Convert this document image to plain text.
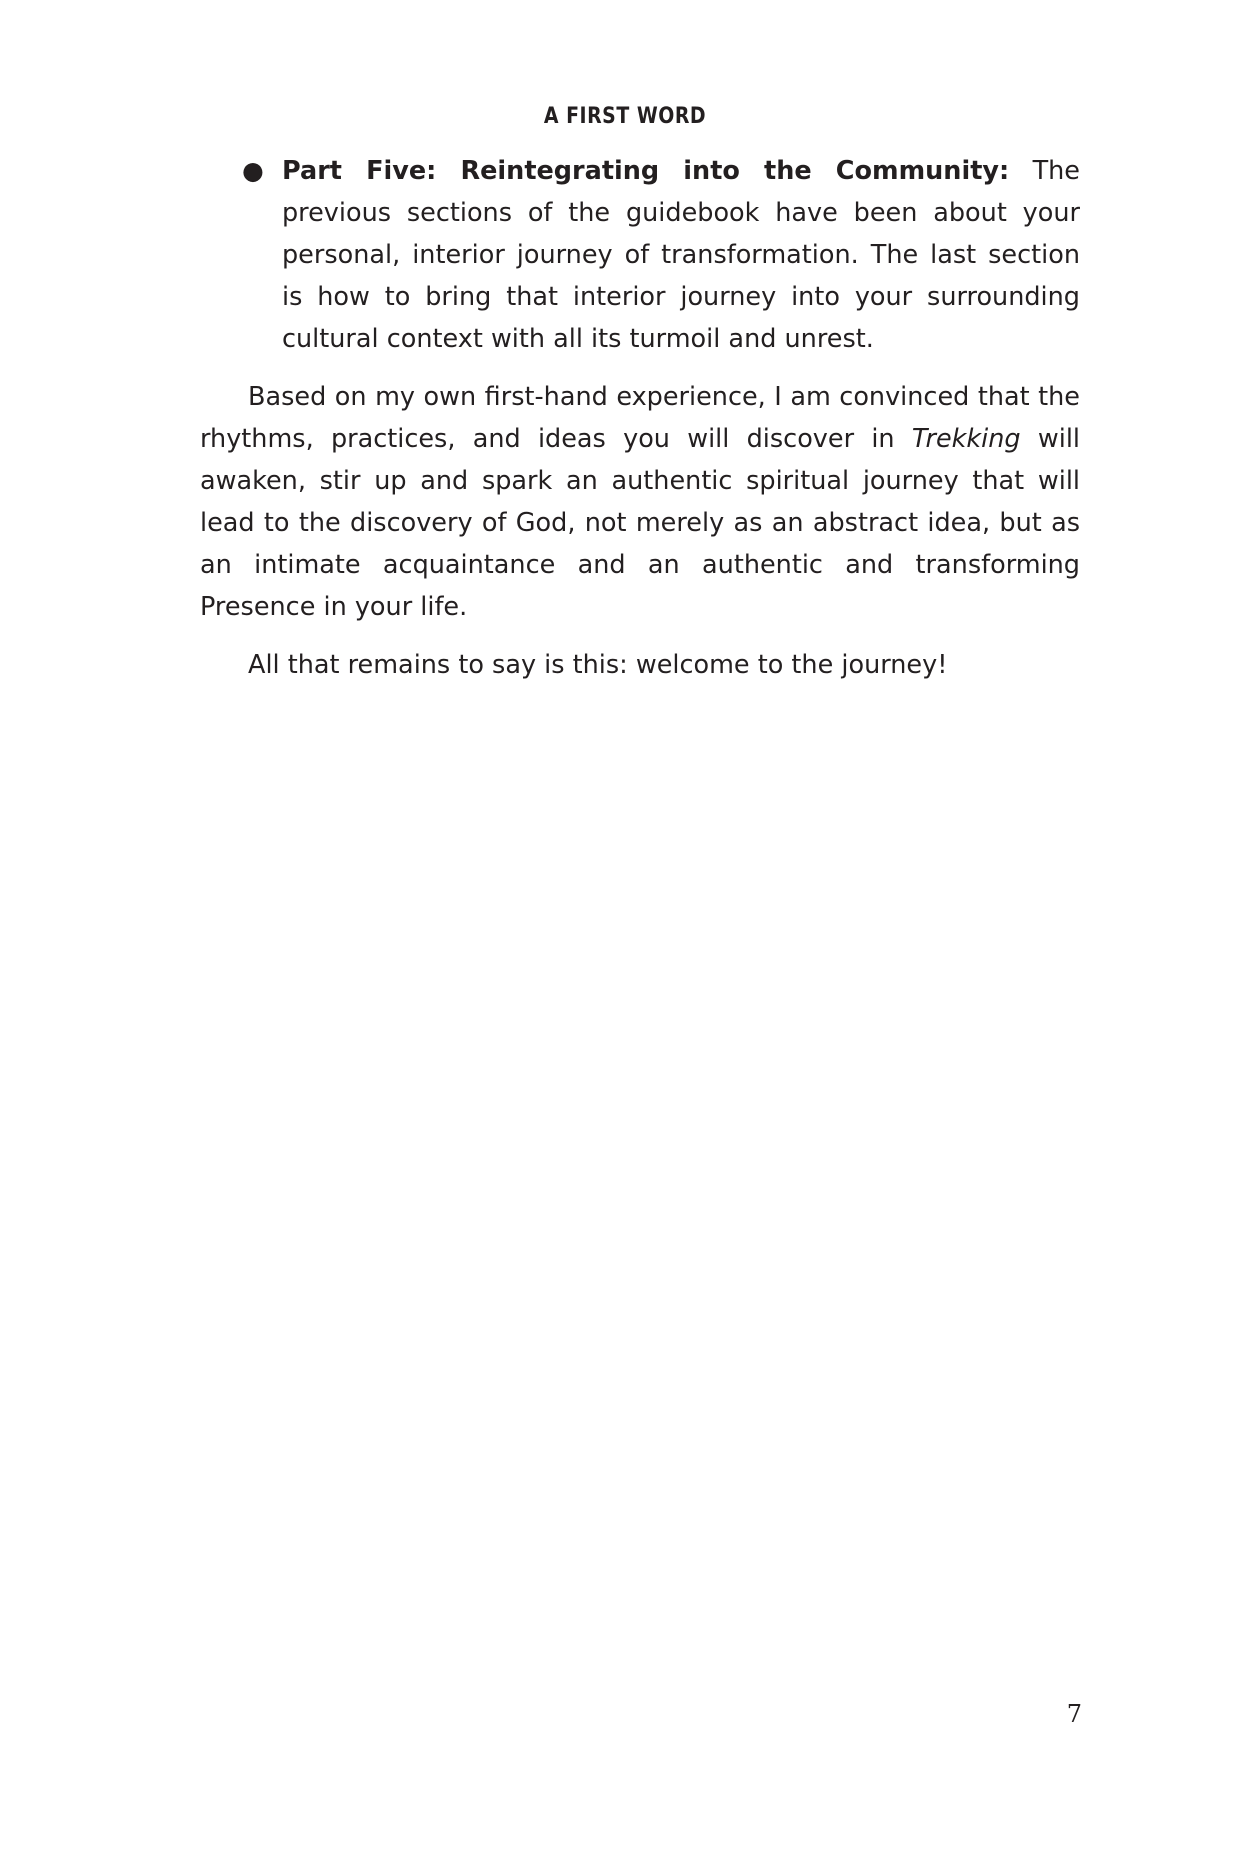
A FIRST WORD
● Part Five: Reintegrating into the Community: The previous sections of the guidebook have been about your personal, interior journey of transformation. The last section is how to bring that interior journey into your surrounding cultural context with all its turmoil and unrest.

Based on my own first-hand experience, I am convinced that the rhythms, practices, and ideas you will discover in Trekking will awaken, stir up and spark an authentic spiritual journey that will lead to the discovery of God, not merely as an abstract idea, but as an intimate acquaintance and an authentic and transforming Presence in your life.

All that remains to say is this: welcome to the journey!

7
